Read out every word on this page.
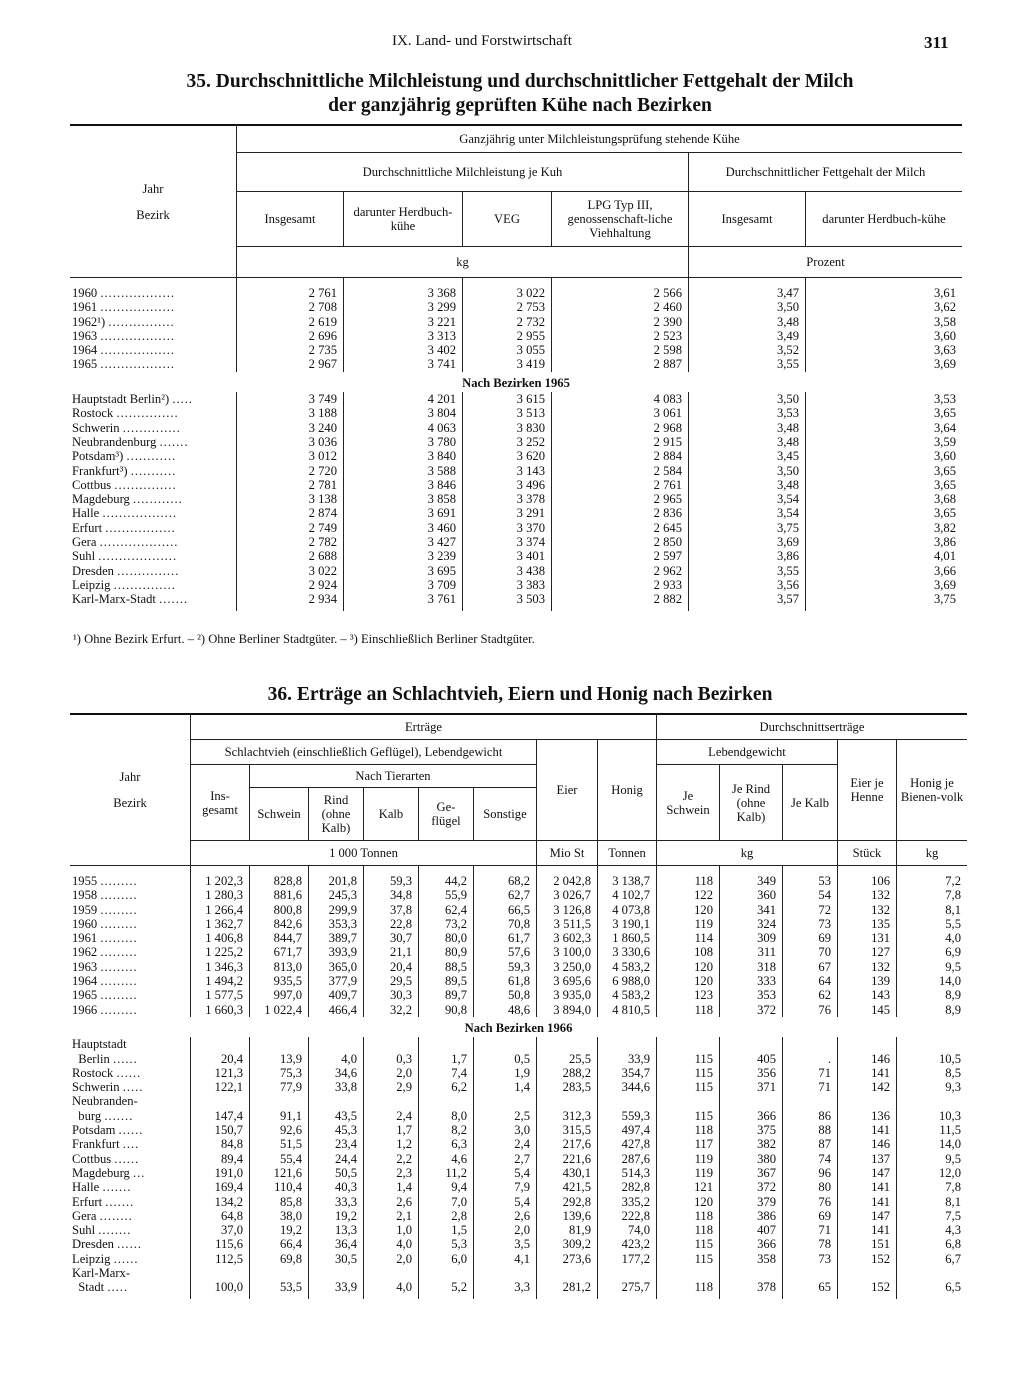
IX. Land- und Forstwirtschaft	311
35. Durchschnittliche Milchleistung und durchschnittlicher Fettgehalt der Milch
der ganzjährig geprüften Kühe nach Bezirken
Jahr
Bezirk	Ganzjährig unter Milchleistungsprüfung stehende Kühe					
	Durchschnittliche Milchleistung je Kuh				Durchschnittlicher Fettgehalt der Milch	
	Insgesamt	darunter Herdbuch-kühe	VEG	LPG Typ III, genossenschaft-liche Viehhaltung	Insgesamt	darunter Herdbuch-kühe
	kg				Prozent	

1960 ..................	2 761	3 368	3 022	2 566	3,47	3,61
1961 ..................	2 708	3 299	2 753	2 460	3,50	3,62
1962¹) ................	2 619	3 221	2 732	2 390	3,48	3,58
1963 ..................	2 696	3 313	2 955	2 523	3,49	3,60
1964 ..................	2 735	3 402	3 055	2 598	3,52	3,63
1965 ..................	2 967	3 741	3 419	2 887	3,55	3,69
Nach Bezirken 1965						
Hauptstadt Berlin²) .....	3 749	4 201	3 615	4 083	3,50	3,53
Rostock ...............	3 188	3 804	3 513	3 061	3,53	3,65
Schwerin ..............	3 240	4 063	3 830	2 968	3,48	3,64
Neubrandenburg .......	3 036	3 780	3 252	2 915	3,48	3,59
Potsdam³) ............	3 012	3 840	3 620	2 884	3,45	3,60
Frankfurt³) ...........	2 720	3 588	3 143	2 584	3,50	3,65
Cottbus ...............	2 781	3 846	3 496	2 761	3,48	3,65
Magdeburg ............	3 138	3 858	3 378	2 965	3,54	3,68
Halle ..................	2 874	3 691	3 291	2 836	3,54	3,65
Erfurt .................	2 749	3 460	3 370	2 645	3,75	3,82
Gera ...................	2 782	3 427	3 374	2 850	3,69	3,86
Suhl ...................	2 688	3 239	3 401	2 597	3,86	4,01
Dresden ...............	3 022	3 695	3 438	2 962	3,55	3,66
Leipzig ...............	2 924	3 709	3 383	2 933	3,56	3,69
Karl-Marx-Stadt .......	2 934	3 761	3 503	2 882	3,57	3,75

¹) Ohne Bezirk Erfurt. – ²) Ohne Berliner Stadtgüter. – ³) Einschließlich Berliner Stadtgüter.
36. Erträge an Schlachtvieh, Eiern und Honig nach Bezirken
Jahr
Bezirk	Erträge								Durchschnittserträge				
	Schlachtvieh (einschließlich Geflügel), Lebendgewicht						Eier	Honig	Lebendgewicht			Eier je Henne	Honig je Bienen-volk
	Ins-gesamt	Nach Tierarten							Je Schwein	Je Rind (ohne Kalb)	Je Kalb		
		Schwein	Rind (ohne Kalb)	Kalb	Ge-flügel	Sonstige							
	1 000 Tonnen						Mio St	Tonnen	kg			Stück	kg

1955 .........	1 202,3	828,8	201,8	59,3	44,2	68,2	2 042,8	3 138,7	118	349	53	106	7,2
1958 .........	1 280,3	881,6	245,3	34,8	55,9	62,7	3 026,7	4 102,7	122	360	54	132	7,8
1959 .........	1 266,4	800,8	299,9	37,8	62,4	66,5	3 126,8	4 073,8	120	341	72	132	8,1
1960 .........	1 362,7	842,6	353,3	22,8	73,2	70,8	3 511,5	3 190,1	119	324	73	135	5,5
1961 .........	1 406,8	844,7	389,7	30,7	80,0	61,7	3 602,3	1 860,5	114	309	69	131	4,0
1962 .........	1 225,2	671,7	393,9	21,1	80,9	57,6	3 100,0	3 330,6	108	311	70	127	6,9
1963 .........	1 346,3	813,0	365,0	20,4	88,5	59,3	3 250,0	4 583,2	120	318	67	132	9,5
1964 .........	1 494,2	935,5	377,9	29,5	89,5	61,8	3 695,6	6 988,0	120	333	64	139	14,0
1965 .........	1 577,5	997,0	409,7	30,3	89,7	50,8	3 935,0	4 583,2	123	353	62	143	8,9
1966 .........	1 660,3	1 022,4	466,4	32,2	90,8	48,6	3 894,0	4 810,5	118	372	76	145	8,9
Nach Bezirken 1966													
Hauptstadt													
Berlin ......	20,4	13,9	4,0	0,3	1,7	0,5	25,5	33,9	115	405	.	146	10,5
Rostock ......	121,3	75,3	34,6	2,0	7,4	1,9	288,2	354,7	115	356	71	141	8,5
Schwerin .....	122,1	77,9	33,8	2,9	6,2	1,4	283,5	344,6	115	371	71	142	9,3
Neubranden-													
burg .......	147,4	91,1	43,5	2,4	8,0	2,5	312,3	559,3	115	366	86	136	10,3
Potsdam ......	150,7	92,6	45,3	1,7	8,2	3,0	315,5	497,4	118	375	88	141	11,5
Frankfurt ....	84,8	51,5	23,4	1,2	6,3	2,4	217,6	427,8	117	382	87	146	14,0
Cottbus ......	89,4	55,4	24,4	2,2	4,6	2,7	221,6	287,6	119	380	74	137	9,5
Magdeburg ...	191,0	121,6	50,5	2,3	11,2	5,4	430,1	514,3	119	367	96	147	12,0
Halle .......	169,4	110,4	40,3	1,4	9,4	7,9	421,5	282,8	121	372	80	141	7,8
Erfurt .......	134,2	85,8	33,3	2,6	7,0	5,4	292,8	335,2	120	379	76	141	8,1
Gera ........	64,8	38,0	19,2	2,1	2,8	2,6	139,6	222,8	118	386	69	147	7,5
Suhl ........	37,0	19,2	13,3	1,0	1,5	2,0	81,9	74,0	118	407	71	141	4,3
Dresden ......	115,6	66,4	36,4	4,0	5,3	3,5	309,2	423,2	115	366	78	151	6,8
Leipzig ......	112,5	69,8	30,5	2,0	6,0	4,1	273,6	177,2	115	358	73	152	6,7
Karl-Marx-													
Stadt .....	100,0	53,5	33,9	4,0	5,2	3,3	281,2	275,7	118	378	65	152	6,5
